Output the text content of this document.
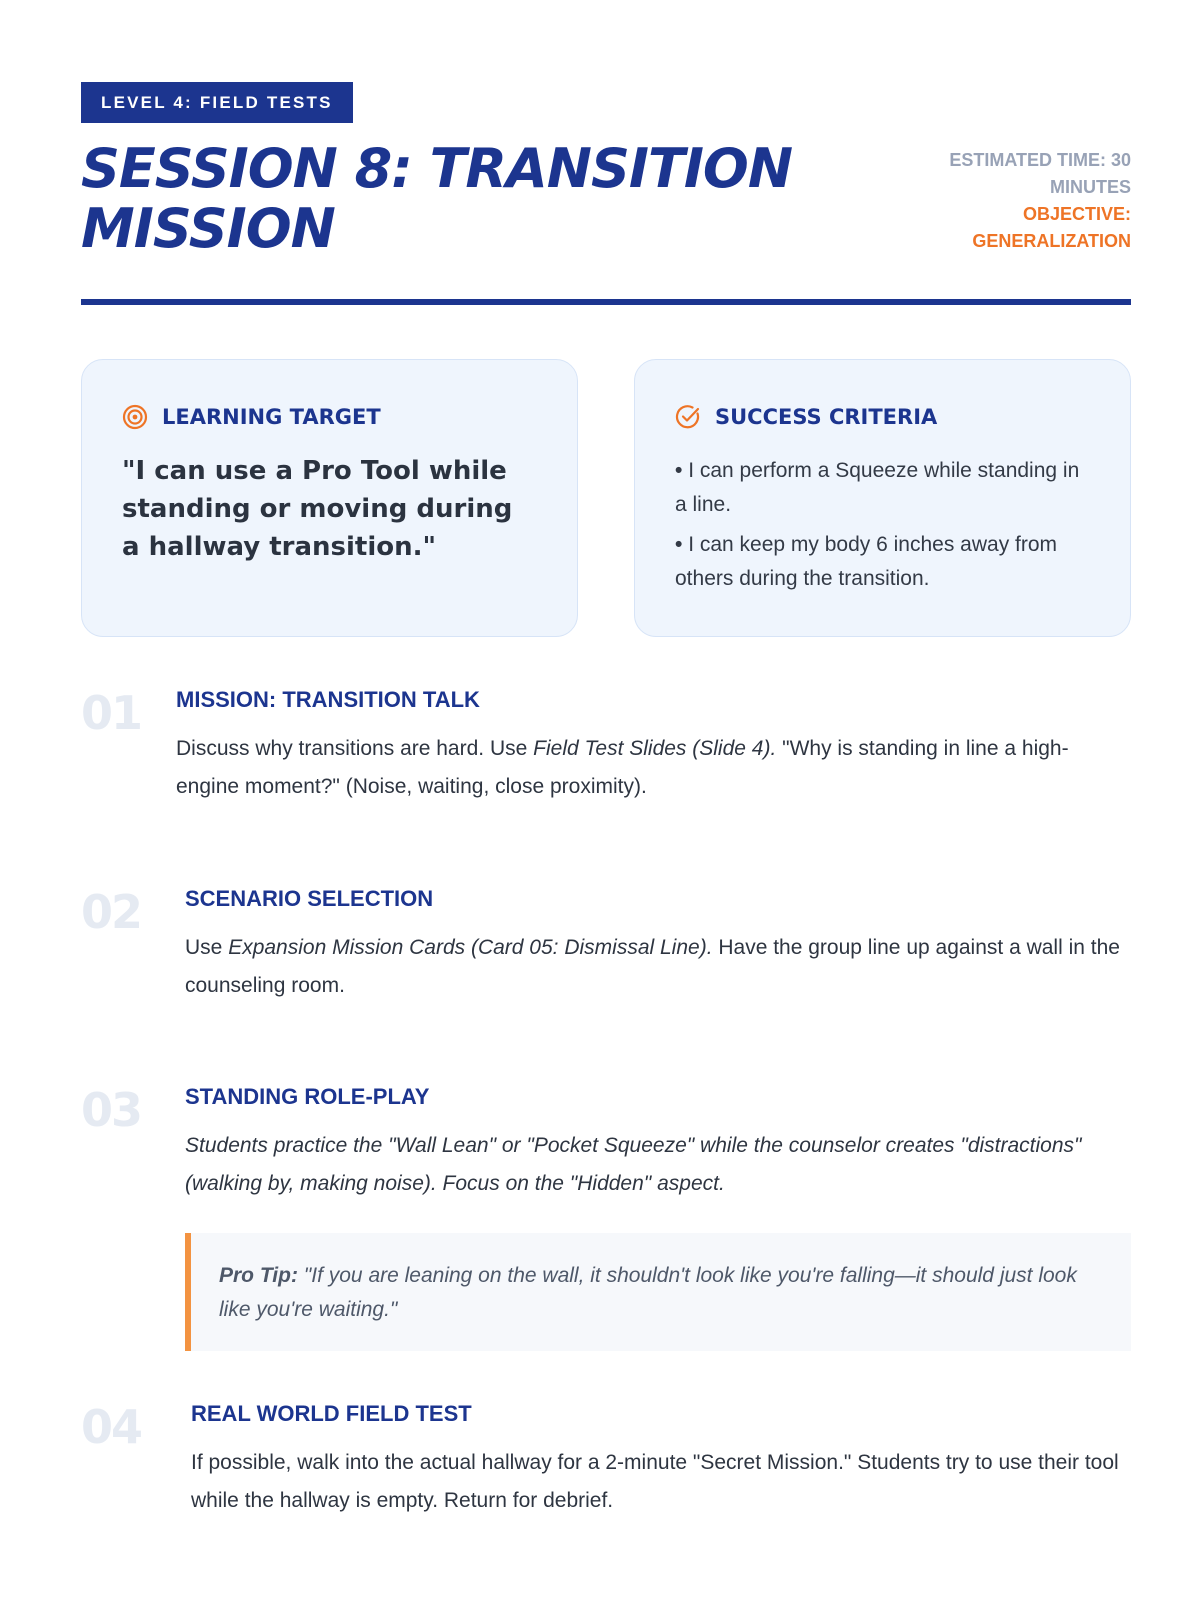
LEVEL 4: FIELD TESTS
SESSION 8: TRANSITION MISSION
ESTIMATED TIME: 30 MINUTES
OBJECTIVE: GENERALIZATION
LEARNING TARGET

"I can use a Pro Tool while standing or moving during a hallway transition."

SUCCESS CRITERIA
• I can perform a Squeeze while standing in a line.
• I can keep my body 6 inches away from others during the transition.
01 MISSION: TRANSITION TALK

Discuss why transitions are hard. Use Field Test Slides (Slide 4). "Why is standing in line a high-engine moment?" (Noise, waiting, close proximity).

02 SCENARIO SELECTION

Use Expansion Mission Cards (Card 05: Dismissal Line). Have the group line up against a wall in the counseling room.

03 STANDING ROLE-PLAY

Students practice the "Wall Lean" or "Pocket Squeeze" while the counselor creates "distractions" (walking by, making noise). Focus on the "Hidden" aspect.

Pro Tip: "If you are leaning on the wall, it shouldn't look like you're falling—it should just look like you're waiting."
04 REAL WORLD FIELD TEST

If possible, walk into the actual hallway for a 2-minute "Secret Mission." Students try to use their tool while the hallway is empty. Return for debrief.
